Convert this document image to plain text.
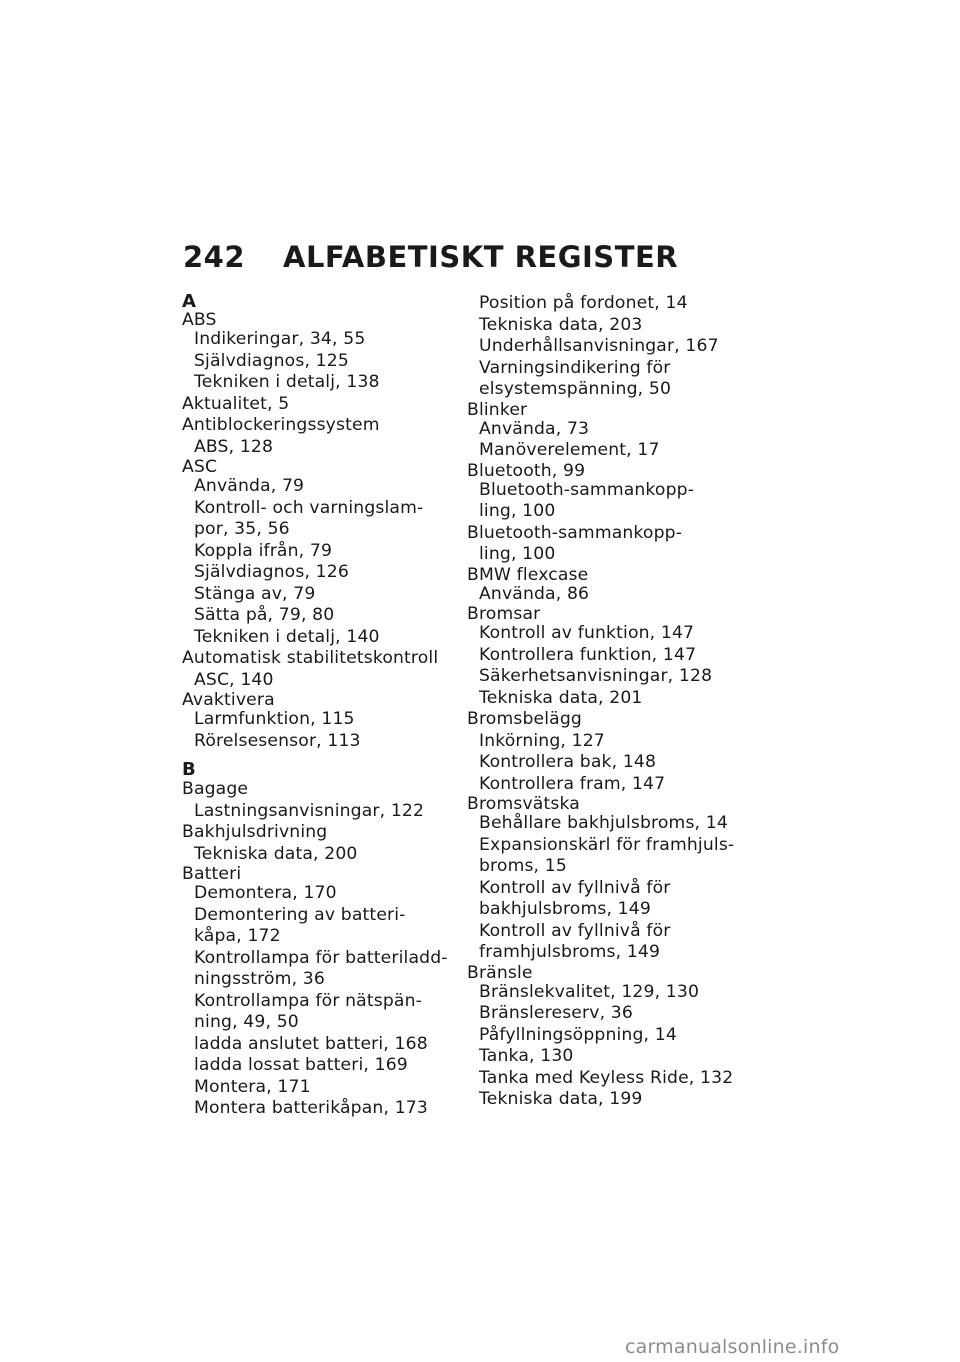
242	ALFABETISKT REGISTER
A
ABS
Indikeringar, 34, 55
Självdiagnos, 125
Tekniken i detalj, 138
Aktualitet, 5
Antiblockeringssystem
ABS, 128
ASC
Använda, 79
Kontroll- och varningslam-
por, 35, 56
Koppla ifrån, 79
Självdiagnos, 126
Stänga av, 79
Sätta på, 79, 80
Tekniken i detalj, 140
Automatisk stabilitetskontroll
ASC, 140
Avaktivera
Larmfunktion, 115
Rörelsesensor, 113
B
Bagage
Lastningsanvisningar, 122
Bakhjulsdrivning
Tekniska data, 200
Batteri
Demontera, 170
Demontering av batteri-
kåpa, 172
Kontrollampa för batteriladd-
ningsström, 36
Kontrollampa för nätspän-
ning, 49, 50
ladda anslutet batteri, 168
ladda lossat batteri, 169
Montera, 171
Montera batterikåpan, 173
Position på fordonet, 14
Tekniska data, 203
Underhållsanvisningar, 167
Varningsindikering för
elsystemspänning, 50
Blinker
Använda, 73
Manöverelement, 17
Bluetooth, 99
Bluetooth-sammankopp-
ling, 100
Bluetooth-sammankopp-
ling, 100
BMW flexcase
Använda, 86
Bromsar
Kontroll av funktion, 147
Kontrollera funktion, 147
Säkerhetsanvisningar, 128
Tekniska data, 201
Bromsbelägg
Inkörning, 127
Kontrollera bak, 148
Kontrollera fram, 147
Bromsvätska
Behållare bakhjulsbroms, 14
Expansionskärl för framhjuls-
broms, 15
Kontroll av fyllnivå för
bakhjulsbroms, 149
Kontroll av fyllnivå för
framhjulsbroms, 149
Bränsle
Bränslekvalitet, 129, 130
Bränslereserv, 36
Påfyllningsöppning, 14
Tanka, 130
Tanka med Keyless Ride, 132
Tekniska data, 199
carmanualsonline.info
